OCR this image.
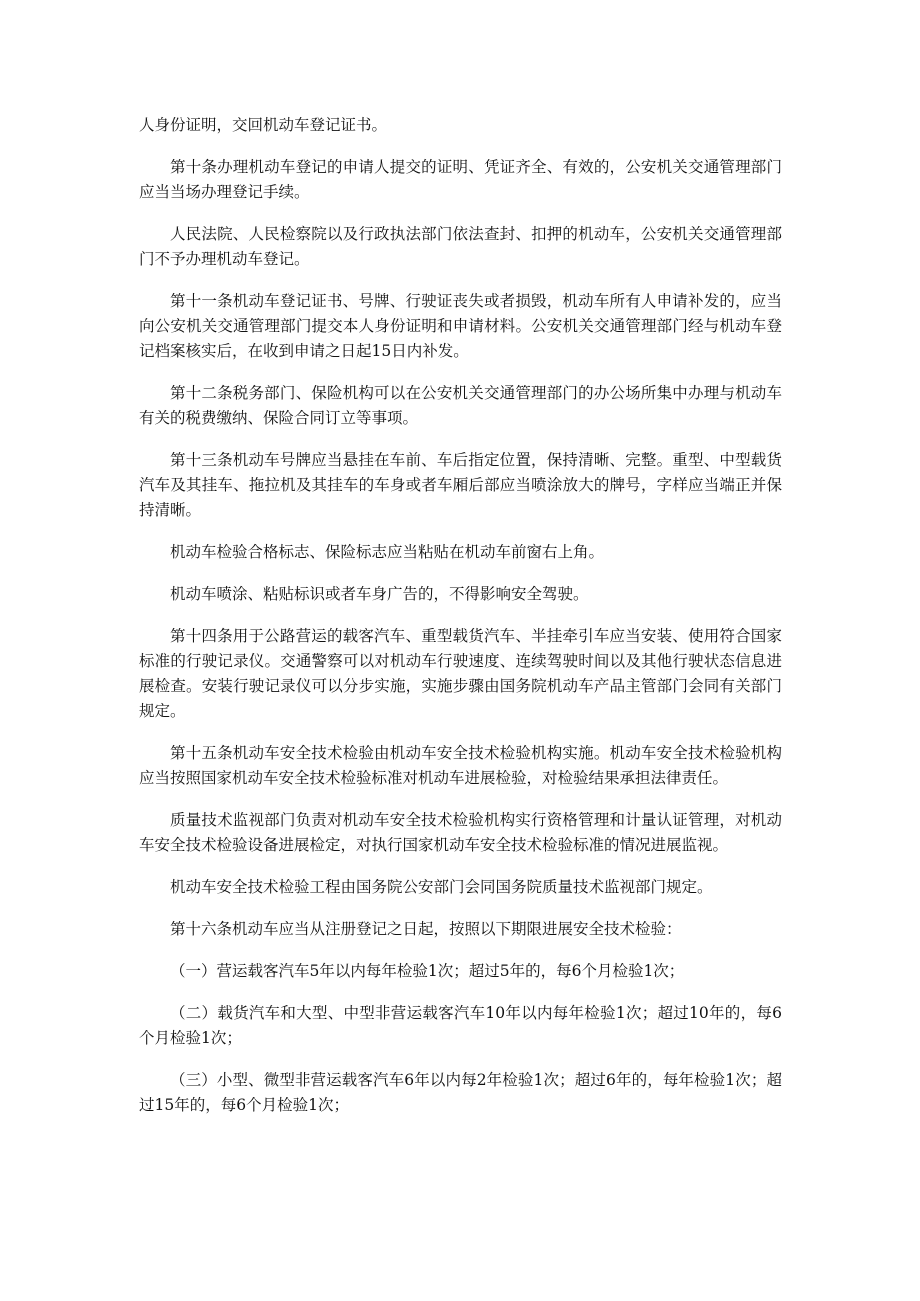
人身份证明，交回机动车登记证书。

第十条办理机动车登记的申请人提交的证明、凭证齐全、有效的，公安机关交通管理部门应当当场办理登记手续。

人民法院、人民检察院以及行政执法部门依法查封、扣押的机动车，公安机关交通管理部门不予办理机动车登记。

第十一条机动车登记证书、号牌、行驶证丧失或者损毁，机动车所有人申请补发的，应当向公安机关交通管理部门提交本人身份证明和申请材料。公安机关交通管理部门经与机动车登记档案核实后，在收到申请之日起15日内补发。

第十二条税务部门、保险机构可以在公安机关交通管理部门的办公场所集中办理与机动车有关的税费缴纳、保险合同订立等事项。

第十三条机动车号牌应当悬挂在车前、车后指定位置，保持清晰、完整。重型、中型载货汽车及其挂车、拖拉机及其挂车的车身或者车厢后部应当喷涂放大的牌号，字样应当端正并保持清晰。

机动车检验合格标志、保险标志应当粘贴在机动车前窗右上角。

机动车喷涂、粘贴标识或者车身广告的，不得影响安全驾驶。

第十四条用于公路营运的载客汽车、重型载货汽车、半挂牵引车应当安装、使用符合国家标准的行驶记录仪。交通警察可以对机动车行驶速度、连续驾驶时间以及其他行驶状态信息进展检查。安装行驶记录仪可以分步实施，实施步骤由国务院机动车产品主管部门会同有关部门规定。

第十五条机动车安全技术检验由机动车安全技术检验机构实施。机动车安全技术检验机构应当按照国家机动车安全技术检验标准对机动车进展检验，对检验结果承担法律责任。

质量技术监视部门负责对机动车安全技术检验机构实行资格管理和计量认证管理，对机动车安全技术检验设备进展检定，对执行国家机动车安全技术检验标准的情况进展监视。

机动车安全技术检验工程由国务院公安部门会同国务院质量技术监视部门规定。

第十六条机动车应当从注册登记之日起，按照以下期限进展安全技术检验：

（一）营运载客汽车5年以内每年检验1次；超过5年的，每6个月检验1次；

（二）载货汽车和大型、中型非营运载客汽车10年以内每年检验1次；超过10年的，每6个月检验1次；

（三）小型、微型非营运载客汽车6年以内每2年检验1次；超过6年的，每年检验1次；超过15年的，每6个月检验1次；
